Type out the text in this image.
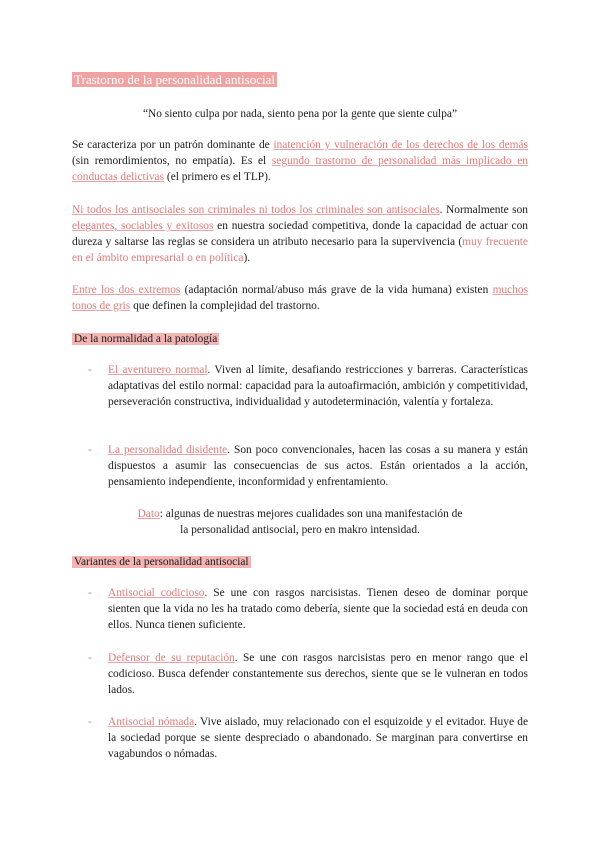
Trastorno de la personalidad antisocial
“No siento culpa por nada, siento pena por la gente que siente culpa”
Se caracteriza por un patrón dominante de inatención y vulneración de los derechos de los demás (sin remordimientos, no empatía). Es el segundo trastorno de personalidad más implicado en conductas delictivas (el primero es el TLP).
Ni todos los antisociales son criminales ni todos los criminales son antisociales. Normalmente son elegantes, sociables y exitosos en nuestra sociedad competitiva, donde la capacidad de actuar con dureza y saltarse las reglas se considera un atributo necesario para la supervivencia (muy frecuente en el ámbito empresarial o en política).
Entre los dos extremos (adaptación normal/abuso más grave de la vida humana) existen muchos tonos de gris que definen la complejidad del trastorno.
De la normalidad a la patología
- El aventurero normal. Viven al límite, desafiando restricciones y barreras. Características adaptativas del estilo normal: capacidad para la autoafirmación, ambición y competitividad, perseveración constructiva, individualidad y autodeterminación, valentía y fortaleza.
- La personalidad disidente. Son poco convencionales, hacen las cosas a su manera y están dispuestos a asumir las consecuencias de sus actos. Están orientados a la acción, pensamiento independiente, inconformidad y enfrentamiento.
Dato: algunas de nuestras mejores cualidades son una manifestación de
la personalidad antisocial, pero en makro intensidad.
Variantes de la personalidad antisocial
- Antisocial codicioso. Se une con rasgos narcisistas. Tienen deseo de dominar porque sienten que la vida no les ha tratado como debería, siente que la sociedad está en deuda con ellos. Nunca tienen suficiente.
- Defensor de su reputación. Se une con rasgos narcisistas pero en menor rango que el codicioso. Busca defender constantemente sus derechos, siente que se le vulneran en todos lados.
- Antisocial nómada. Vive aislado, muy relacionado con el esquizoide y el evitador. Huye de la sociedad porque se siente despreciado o abandonado. Se marginan para convertirse en vagabundos o nómadas.
